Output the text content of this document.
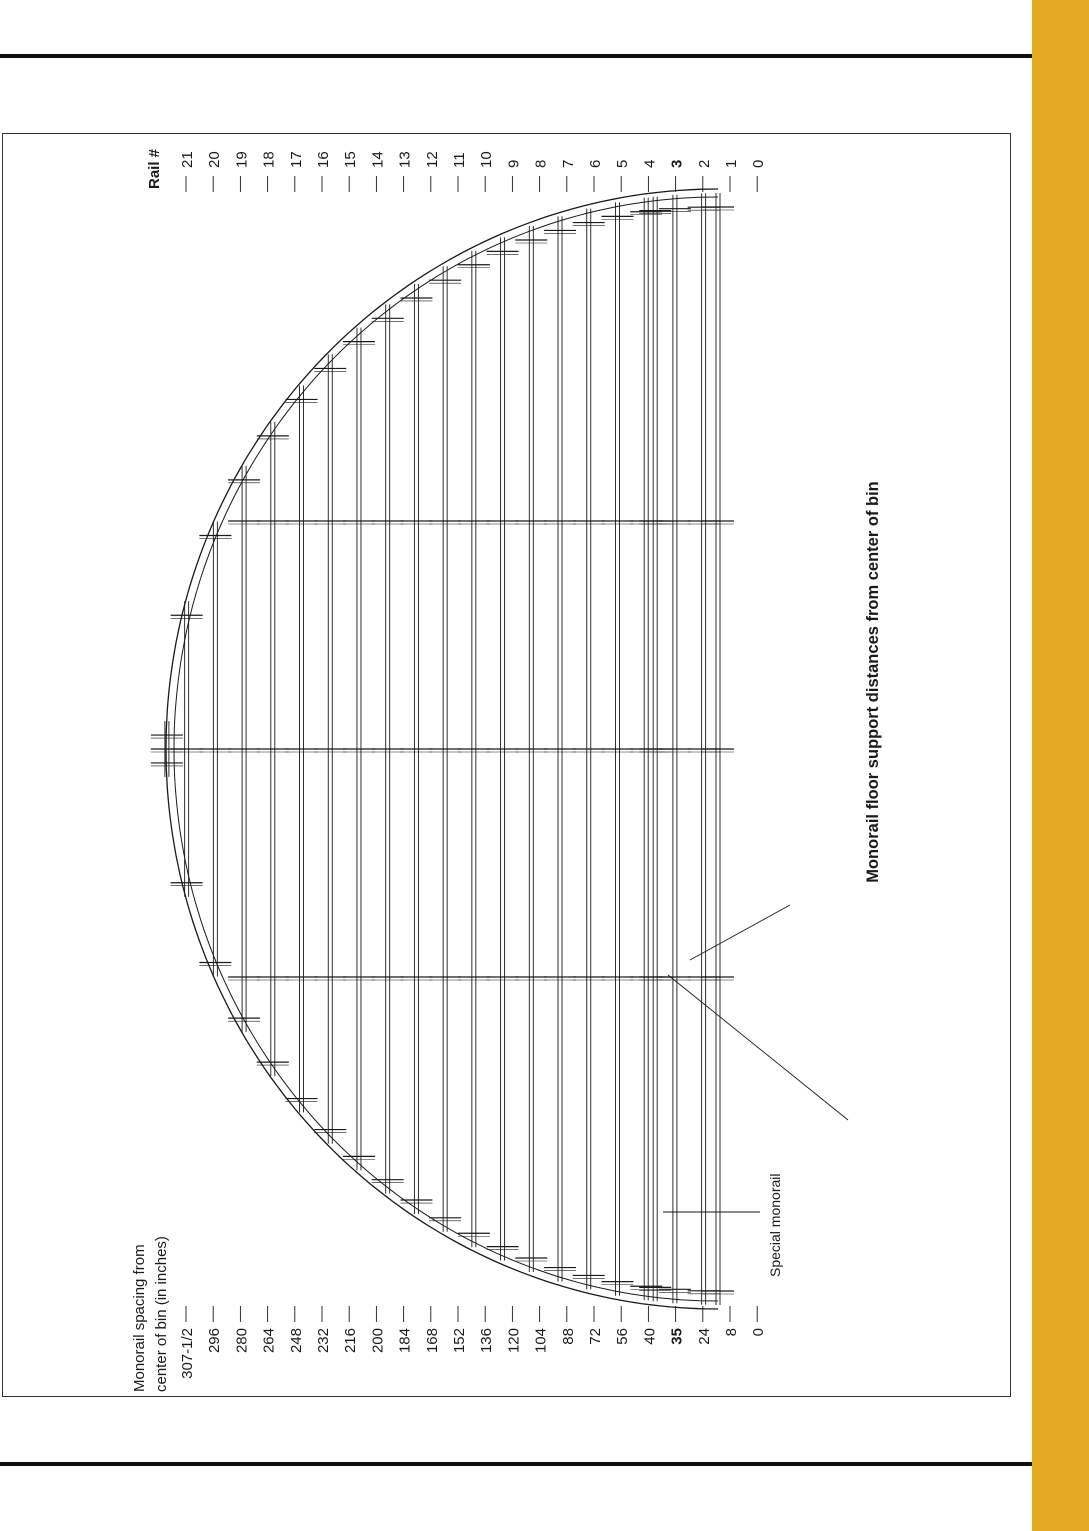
21
307-1/2
20
296
19
280
18
264
17
248
16
232
15
216
14
200
13
184
12
168
11
152
10
136
9
120
8
104
7
88
6
72
5
56
4
40
3
35
2
24
1
8
0
0
Monorail floor support distances from center of bin
Monorail spacing from center of bin (in inches)
Rail #
Special monorail
